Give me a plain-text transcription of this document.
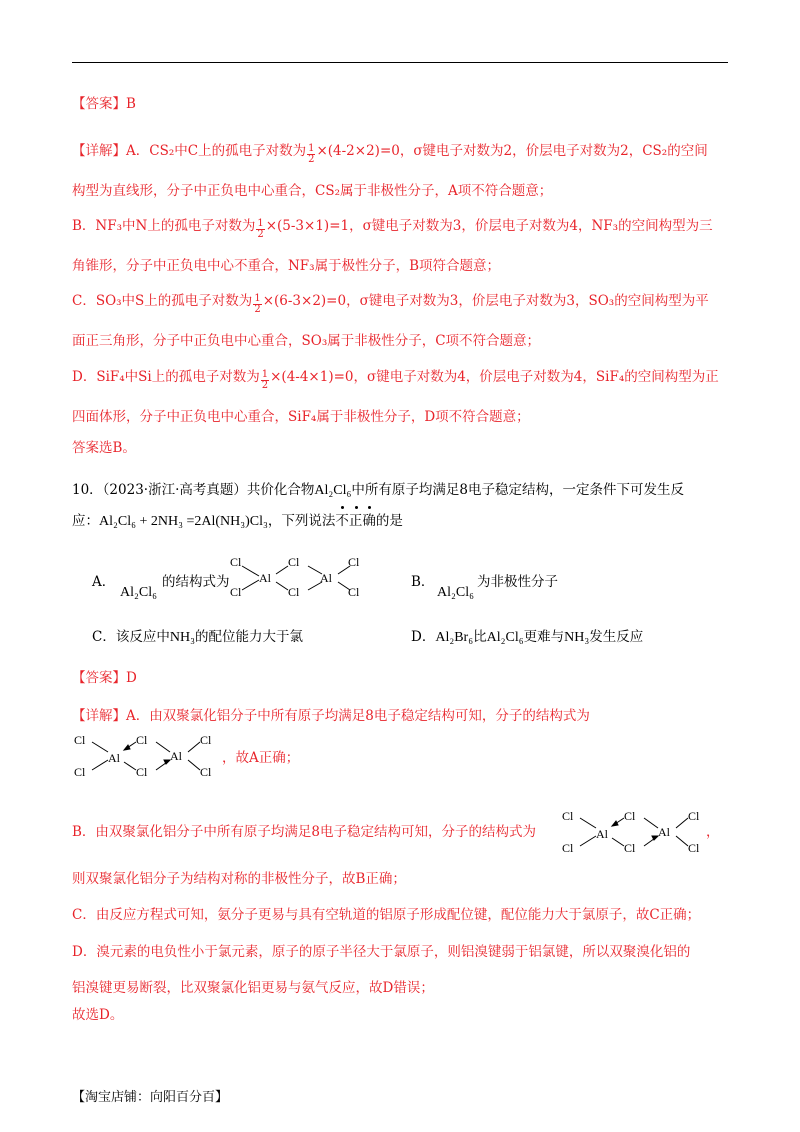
【答案】B
【详解】A．CS₂中C上的孤电子对数为 $\frac{1}{2} \times(4-2\times 2)=0$，σ键电子对数为2，价层电子对数为2，CS₂的空间
构型为直线形，分子中正负电中心重合，CS₂属于非极性分子，A项不符合题意；
B．NF₃中N上的孤电子对数为 $\frac{1}{2} \times(5-3\times 1)=1$，σ键电子对数为3，价层电子对数为4，NF₃的空间构型为三
角锥形，分子中正负电中心不重合，NF₃属于极性分子，B项符合题意；
C．SO₃中S上的孤电子对数为 $\frac{1}{2} \times(6-3\times 2)=0$，σ键电子对数为3，价层电子对数为3，SO₃的空间构型为平
面正三角形，分子中正负电中心重合，SO₃属于非极性分子，C项不符合题意；
D．SiF₄中Si上的孤电子对数为 $\frac{1}{2} \times(4-4\times 1)=0$，σ键电子对数为4，价层电子对数为4，SiF₄的空间构型为正
四面体形，分子中正负电中心重合，SiF₄属于非极性分子，D项不符合题意；
答案选B。
10．（2023·浙江·高考真题）共价化合物Al₂Cl₆中所有原子均满足8电子稳定结构，一定条件下可发生反
应：Al₂Cl₆ + 2NH₃ =2Al(NH₃)Cl₃，下列说法
不
正
确的是
A．
Al₂Cl₆
的结构式为
Cl
Cl
Al
Cl
Cl
Al
Cl
Cl
B．
Al₂Cl₆
为非极性分子
C．该反应中NH₃的配位能力大于氯	D．Al₂Br₆比Al₂Cl₆更难与NH₃发生反应
【答案】D
【详解】A．由双聚氯化铝分子中所有原子均满足8电子稳定结构可知，分子的结构式为
Cl
Cl
Al
Cl
Cl
Al
Cl
Cl
，故A正确；
B．由双聚氯化铝分子中所有原子均满足8电子稳定结构可知，分子的结构式为
Cl
Cl
Al
Cl
Cl
Al
Cl
Cl
，
则双聚氯化铝分子为结构对称的非极性分子，故B正确；
C．由反应方程式可知，氨分子更易与具有空轨道的铝原子形成配位键，配位能力大于氯原子，故C正确；
D．溴元素的电负性小于氯元素，原子的原子半径大于氯原子，则铝溴键弱于铝氯键，所以双聚溴化铝的
铝溴键更易断裂，比双聚氯化铝更易与氨气反应，故D错误；
故选D。
【淘宝店铺：向阳百分百】
